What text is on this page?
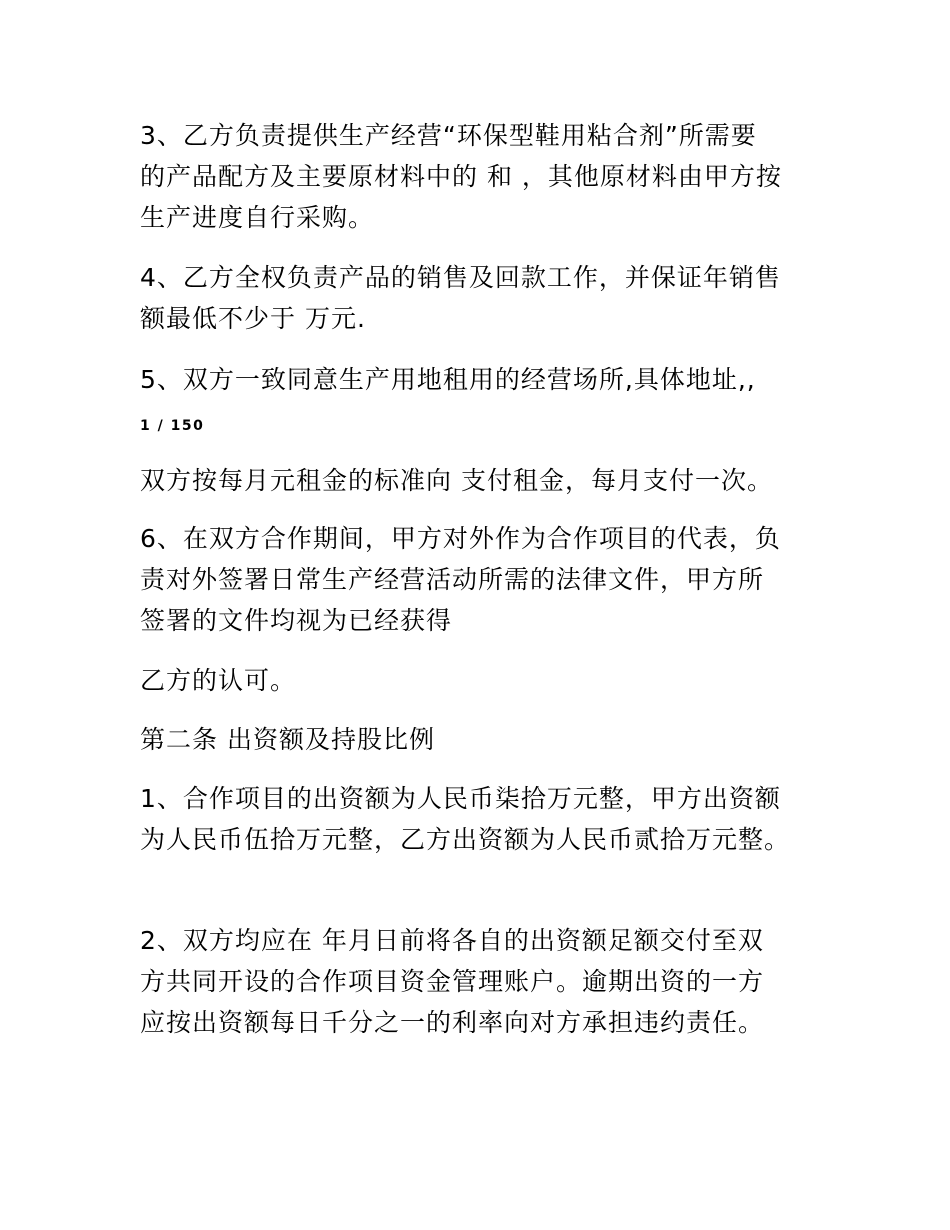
3、乙方负责提供生产经营“环保型鞋用粘合剂”所需要
的产品配方及主要原材料中的 和 ，其他原材料由甲方按
生产进度自行采购。

4、乙方全权负责产品的销售及回款工作，并保证年销售
额最低不少于 万元.

5、双方一致同意生产用地租用的经营场所,具体地址,,

1 / 150

双方按每月元租金的标准向 支付租金，每月支付一次。

6、在双方合作期间，甲方对外作为合作项目的代表，负
责对外签署日常生产经营活动所需的法律文件，甲方所
签署的文件均视为已经获得

乙方的认可。

第二条 出资额及持股比例

1、合作项目的出资额为人民币柒拾万元整，甲方出资额
为人民币伍拾万元整，乙方出资额为人民币贰拾万元整。

2、双方均应在 年月日前将各自的出资额足额交付至双
方共同开设的合作项目资金管理账户。逾期出资的一方
应按出资额每日千分之一的利率向对方承担违约责任。
